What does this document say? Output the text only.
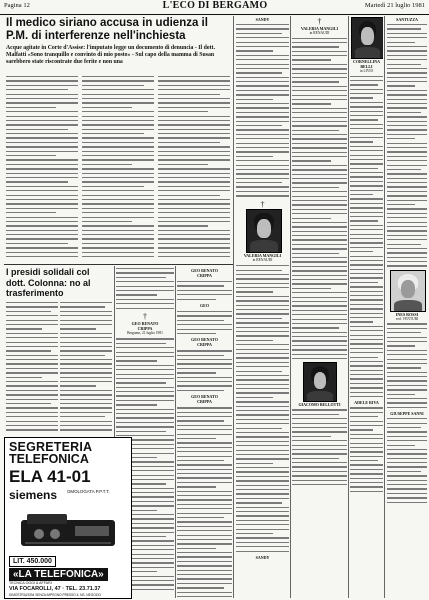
Pagina 12	L'ECO DI BERGAMO	Martedì 21 luglio 1981
Il medico siriano accusa in udienza il P.M. di interferenze nell'inchiesta
Acque agitate in Corte d'Assise: l'imputato legge un documento di denuncia - Il dott. Malfatti «Sono tranquillo e convinto di mio posto» - Sul capo della mamma di Susan sarebbero state riscontrate due ferite e non una
I presidi solidali col dott. Colonna: no al trasferimento
†
GEO RENATO
CRIPPA
Bergamo, 21 luglio 1981
GEO RENATO
CRIPPA
GEO
GEO RENATO
CRIPPA
GEO RENATO
CRIPPA
SEGRETERIA
TELEFONICA
ELA 41-01
siemens OMOLOGATA P.P.T.T.
LIT. 450.000
«LA TELEFONICA»
TECNICA OGGI & AFFARI
VIA FOCAROLLI, 47 · TEL. 23.71.37
DIMOSTRAZIONI SENZA IMPEGNO PRESSO IL NS. NEGOZIO
SANDY
†
VALERIA MANGILI
in RENAUDI
SANDY
†
VALERIA MANGILI
in RENAUDI
GIACOMO BELLOTTI
CORNELLINA BELLI
in LIVIO
ADELE RIVA
SANTUZZA
INES ROSSI
ved. VENTURI
GIUSEPPE SANNI
